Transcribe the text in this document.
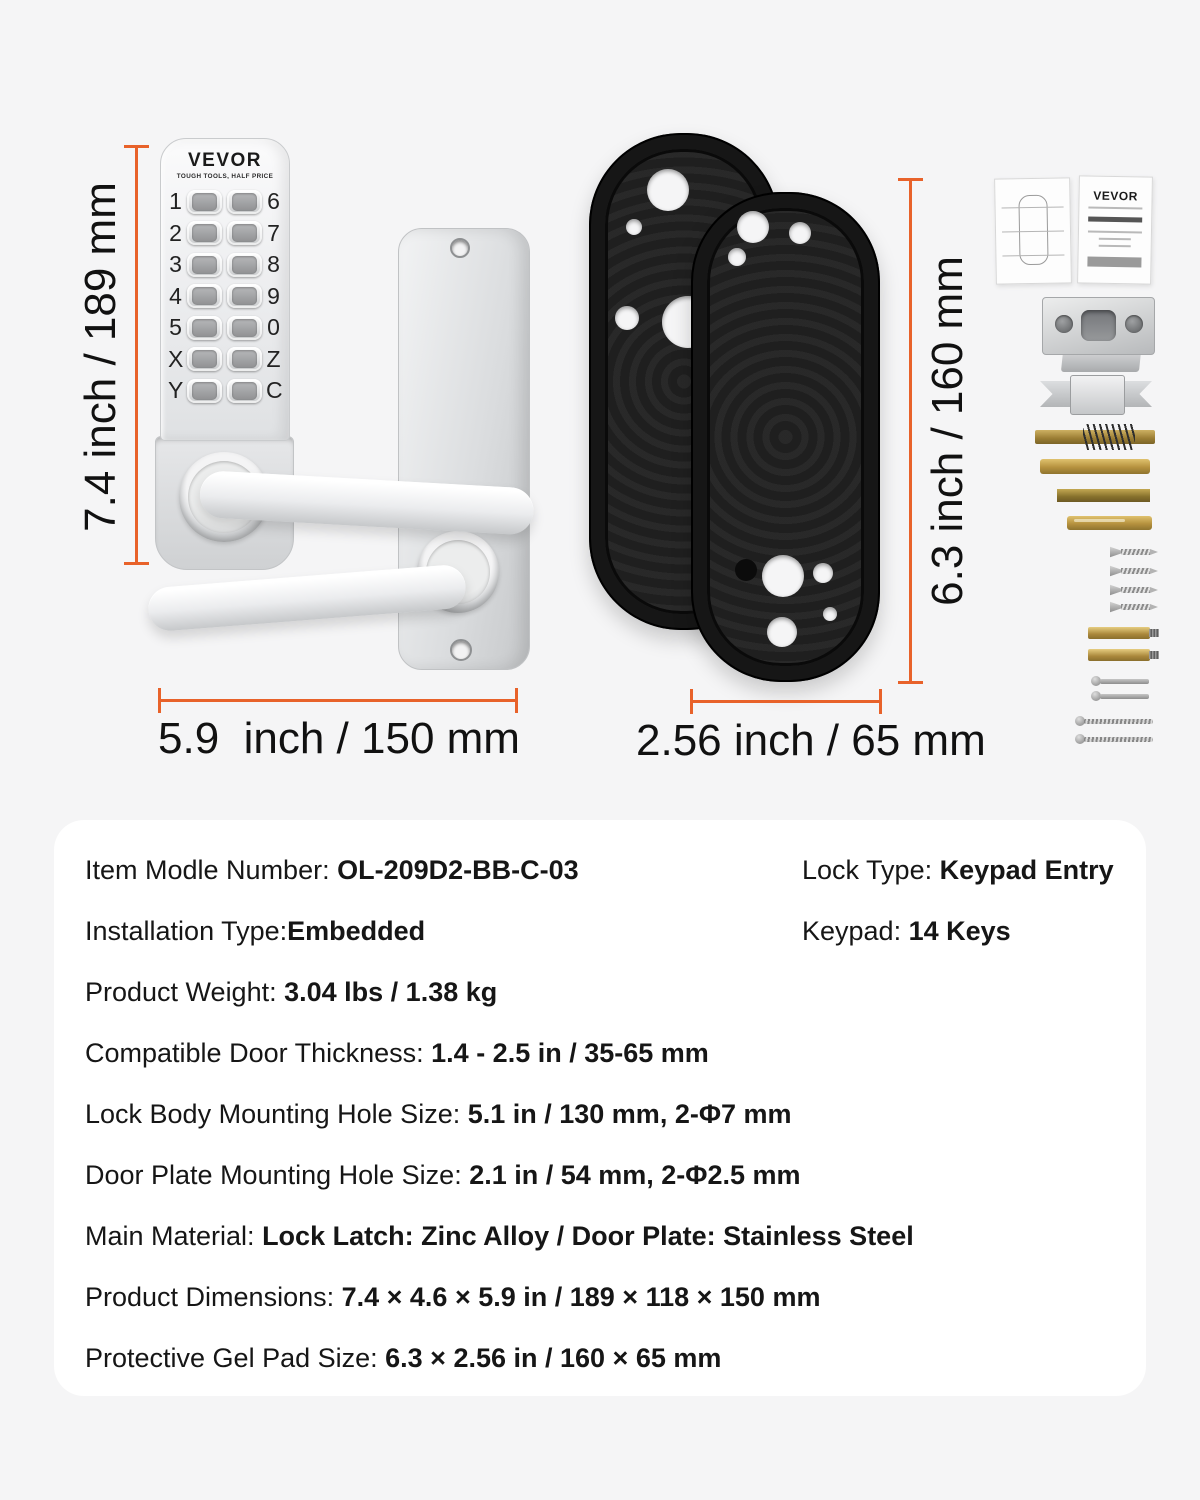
7.4 inch / 189 mm
5.9  inch / 150 mm
VEVOR
TOUGH TOOLS, HALF PRICE
1	6
2	7
3	8
4	9
5	0
X	Z
Y	C	6.3 inch / 160 mm
2.56 inch / 65 mm
VEVOR
Item Modle Number: OL-209D2-BB-C-03	Lock Type: Keypad Entry
Installation Type:Embedded	Keypad: 14 Keys
Product Weight: 3.04 lbs / 1.38 kg
Compatible Door Thickness: 1.4 - 2.5 in / 35-65 mm
Lock Body Mounting Hole Size: 5.1 in / 130 mm, 2-Φ7 mm
Door Plate Mounting Hole Size: 2.1 in / 54 mm, 2-Φ2.5 mm
Main Material: Lock Latch: Zinc Alloy / Door Plate: Stainless Steel
Product Dimensions: 7.4 × 4.6 × 5.9 in / 189 × 118 × 150 mm
Protective Gel Pad Size: 6.3 × 2.56 in / 160 × 65 mm
